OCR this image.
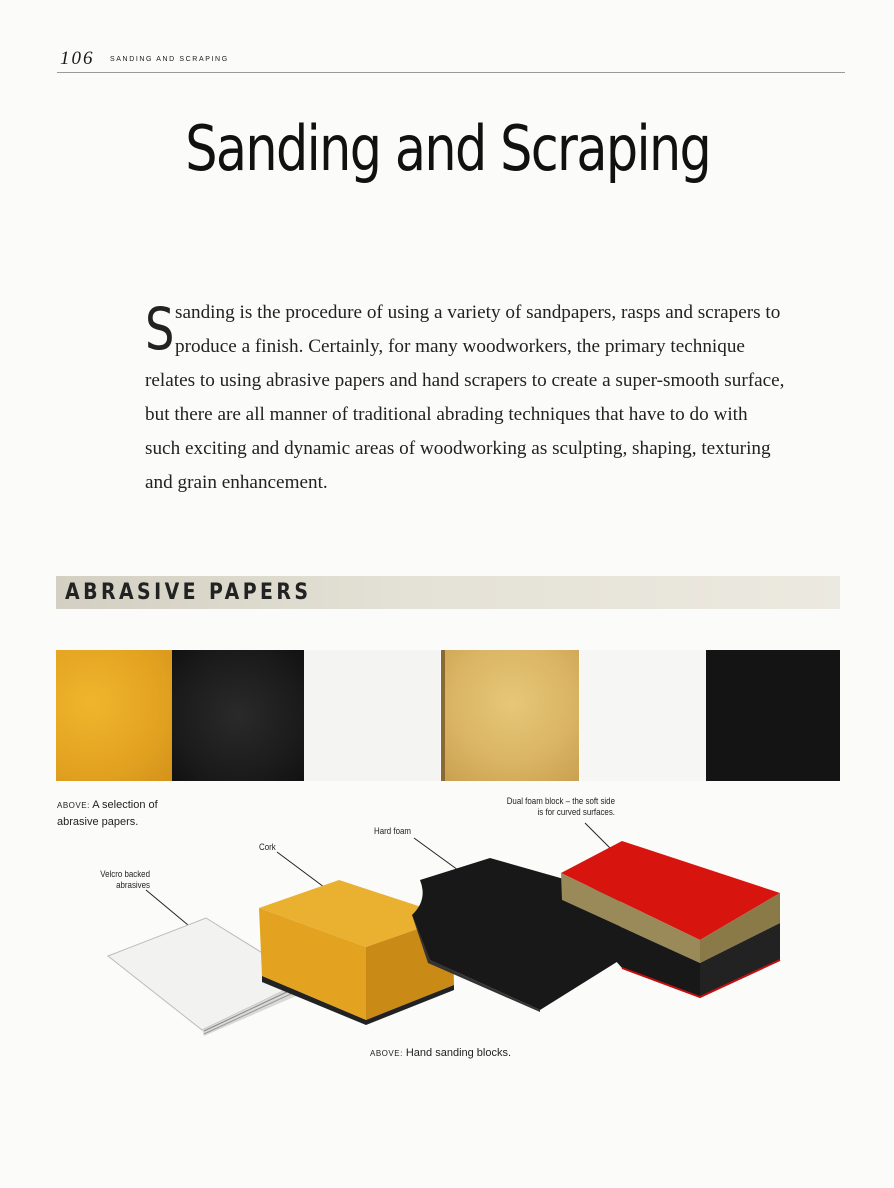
106 SANDING AND SCRAPING
Sanding and Scraping
S sanding is the procedure of using a variety of sandpapers, rasps and scrapers to produce a finish. Certainly, for many woodworkers, the primary technique relates to using abrasive papers and hand scrapers to create a super-smooth surface, but there are all manner of traditional abrading techniques that have to do with such exciting and dynamic areas of woodworking as sculpting, shaping, texturing and grain enhancement.

ABRASIVE PAPERS
ABOVE: A selection of abrasive papers.
Velcro backed abrasives
Cork
Hard foam
Dual foam block – the soft side is for curved surfaces.
ABOVE: Hand sanding blocks.
